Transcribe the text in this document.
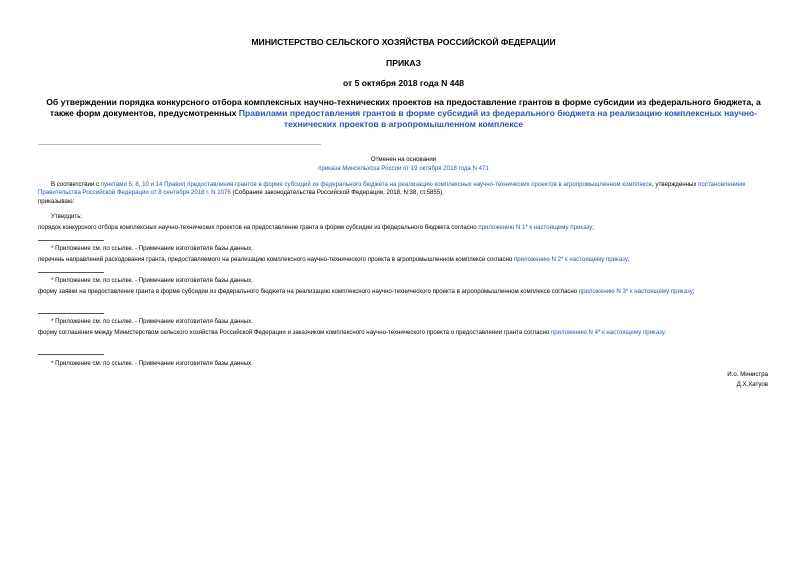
МИНИСТЕРСТВО СЕЛЬСКОГО ХОЗЯЙСТВА РОССИЙСКОЙ ФЕДЕРАЦИИ
ПРИКАЗ
от 5 октября 2018 года N 448
Об утверждении порядка конкурсного отбора комплексных научно-технических проектов на предоставление грантов в форме субсидии из федерального бюджета, а также форм документов, предусмотренных Правилами предоставления грантов в форме субсидий из федерального бюджета на реализацию комплексных научно-технических проектов в агропромышленном комплексе
Отменен на основании
приказа Минсельхоза России от 19 октября 2018 года N 471
В соответствии с пунктами 5, 8, 10 и 14 Правил предоставления грантов в форме субсидий из федерального бюджета на реализацию комплексных научно-технических проектов в агропромышленном комплексе, утвержденных постановлением Правительства Российской Федерации от 8 сентября 2018 г. N 1076 (Собрание законодательства Российской Федерации, 2018, N 38, ст.5855),
приказываю:
Утвердить:
порядок конкурсного отбора комплексных научно-технических проектов на предоставление гранта в форме субсидии из федерального бюджета согласно приложению N 1* к настоящему приказу;
* Приложение см. по ссылке. - Примечание изготовителя базы данных.
перечень направлений расходования гранта, предоставляемого на реализацию комплексного научно-технического проекта в агропромышленном комплексе согласно приложению N 2* к настоящему приказу;
* Приложение см. по ссылке. - Примечание изготовителя базы данных.
форму заявки на предоставление гранта в форме субсидии из федерального бюджета на реализацию комплексного научно-технического проекта в агропромышленном комплексе согласно приложению N 3* к настоящему приказу;
* Приложение см. по ссылке. - Примечание изготовителя базы данных.
форму соглашения между Министерством сельского хозяйства Российской Федерации и заказчиком комплексного научно-технического проекта о предоставлении гранта согласно приложению N 4* к настоящему приказу.
* Приложение см. по ссылке. - Примечание изготовителя базы данных.
И.о. Министра
Д.Х.Хатуов
